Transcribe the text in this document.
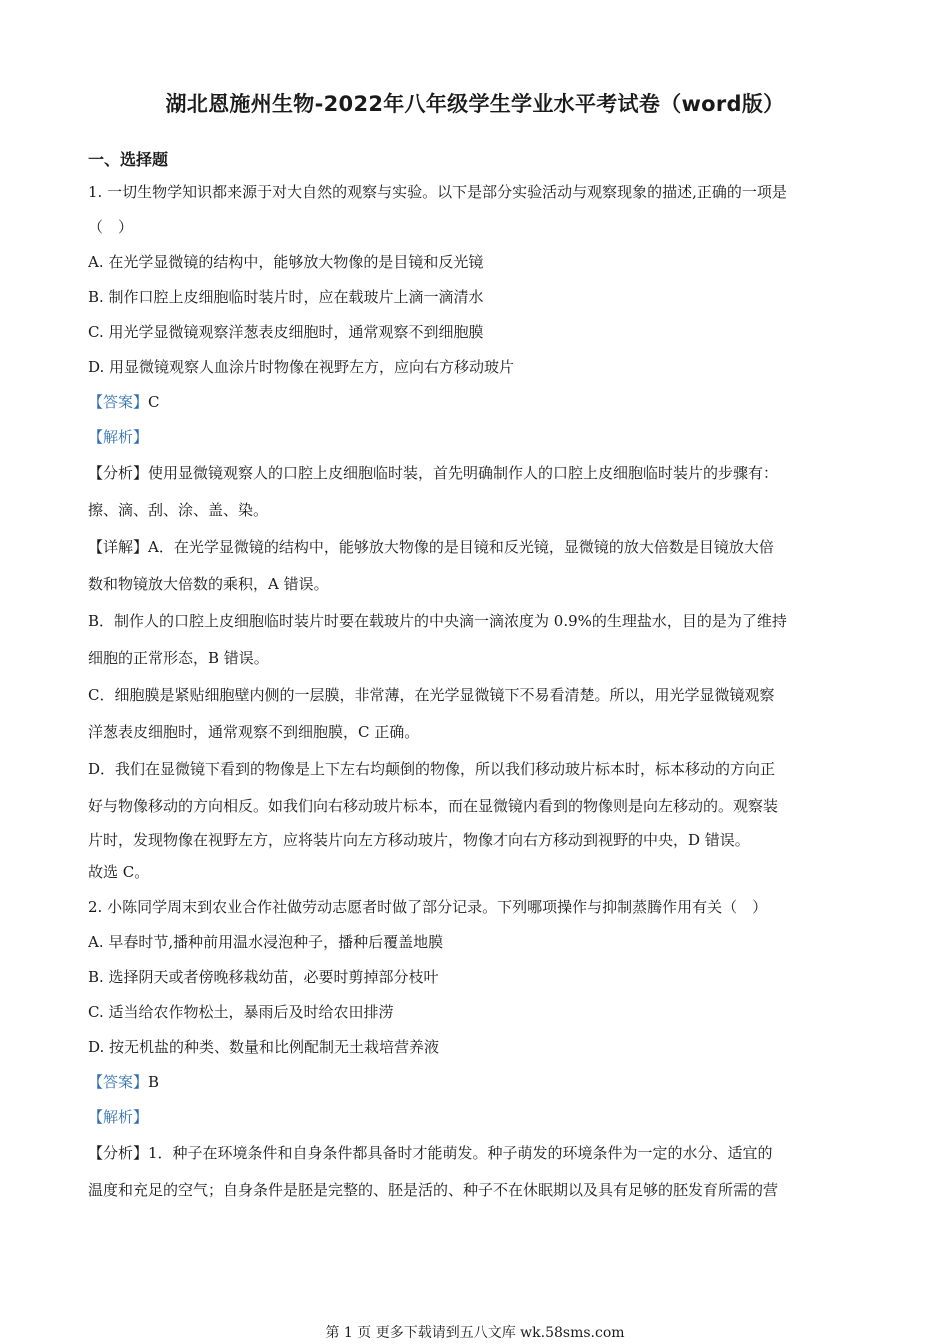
湖北恩施州生物-2022年八年级学生学业水平考试卷（word版）
一、选择题
1. 一切生物学知识都来源于对大自然的观察与实验。以下是部分实验活动与观察现象的描述,正确的一项是
（　）
A. 在光学显微镜的结构中，能够放大物像的是目镜和反光镜
B. 制作口腔上皮细胞临时装片时，应在载玻片上滴一滴清水
C. 用光学显微镜观察洋葱表皮细胞时，通常观察不到细胞膜
D. 用显微镜观察人血涂片时物像在视野左方，应向右方移动玻片
【答案】C
【解析】
【分析】使用显微镜观察人的口腔上皮细胞临时装，首先明确制作人的口腔上皮细胞临时装片的步骤有：
擦、滴、刮、涂、盖、染。
【详解】A．在光学显微镜的结构中，能够放大物像的是目镜和反光镜，显微镜的放大倍数是目镜放大倍
数和物镜放大倍数的乘积，A 错误。
B．制作人的口腔上皮细胞临时装片时要在载玻片的中央滴一滴浓度为 0.9%的生理盐水，目的是为了维持
细胞的正常形态，B 错误。
C．细胞膜是紧贴细胞壁内侧的一层膜，非常薄，在光学显微镜下不易看清楚。所以，用光学显微镜观察
洋葱表皮细胞时，通常观察不到细胞膜，C 正确。
D．我们在显微镜下看到的物像是上下左右均颠倒的物像，所以我们移动玻片标本时，标本移动的方向正
好与物像移动的方向相反。如我们向右移动玻片标本，而在显微镜内看到的物像则是向左移动的。观察装
片时，发现物像在视野左方，应将装片向左方移动玻片，物像才向右方移动到视野的中央，D 错误。
故选 C。
2. 小陈同学周末到农业合作社做劳动志愿者时做了部分记录。下列哪项操作与抑制蒸腾作用有关（　）
A. 早春时节,播种前用温水浸泡种子，播种后覆盖地膜
B. 选择阴天或者傍晚移栽幼苗，必要时剪掉部分枝叶
C. 适当给农作物松土，暴雨后及时给农田排涝
D. 按无机盐的种类、数量和比例配制无土栽培营养液
【答案】B
【解析】
【分析】1．种子在环境条件和自身条件都具备时才能萌发。种子萌发的环境条件为一定的水分、适宜的
温度和充足的空气；自身条件是胚是完整的、胚是活的、种子不在休眠期以及具有足够的胚发育所需的营
第 1 页 更多下载请到五八文库 wk.58sms.com
